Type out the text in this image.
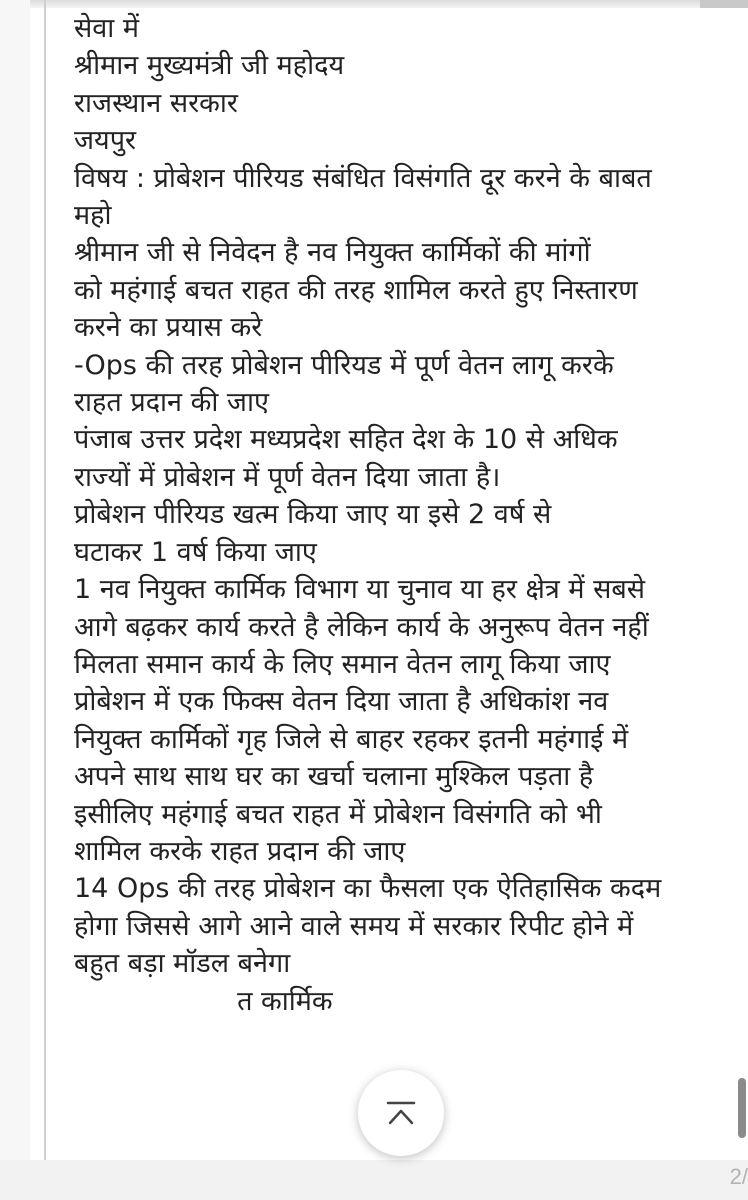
सेवा में
श्रीमान मुख्यमंत्री जी महोदय
राजस्थान सरकार
जयपुर
विषय : प्रोबेशन पीरियड संबंधित विसंगति दूर करने के बाबत
महो
श्रीमान जी से निवेदन है नव नियुक्त कार्मिकों की मांगों
को महंगाई बचत राहत की तरह शामिल करते हुए निस्तारण
करने का प्रयास करे
-Ops की तरह प्रोबेशन पीरियड में पूर्ण वेतन लागू करके
राहत प्रदान की जाए
पंजाब उत्तर प्रदेश मध्यप्रदेश सहित देश के 10 से अधिक
राज्यों में प्रोबेशन में पूर्ण वेतन दिया जाता है।
प्रोबेशन पीरियड खत्म किया जाए या इसे 2 वर्ष से
घटाकर 1 वर्ष किया जाए
1 नव नियुक्त कार्मिक विभाग या चुनाव या हर क्षेत्र में सबसे
आगे बढ़कर कार्य करते है लेकिन कार्य के अनुरूप वेतन नहीं
मिलता समान कार्य के लिए समान वेतन लागू किया जाए
प्रोबेशन में एक फिक्स वेतन दिया जाता है अधिकांश नव
नियुक्त कार्मिकों गृह जिले से बाहर रहकर इतनी महंगाई में
अपने साथ साथ घर का खर्चा चलाना मुश्किल पड़ता है
इसीलिए महंगाई बचत राहत में प्रोबेशन विसंगति को भी
शामिल करके राहत प्रदान की जाए
14 Ops की तरह प्रोबेशन का फैसला एक ऐतिहासिक कदम
होगा जिससे आगे आने वाले समय में सरकार रिपीट होने में
बहुत बड़ा मॉडल बनेगा
त कार्मिक
2/
